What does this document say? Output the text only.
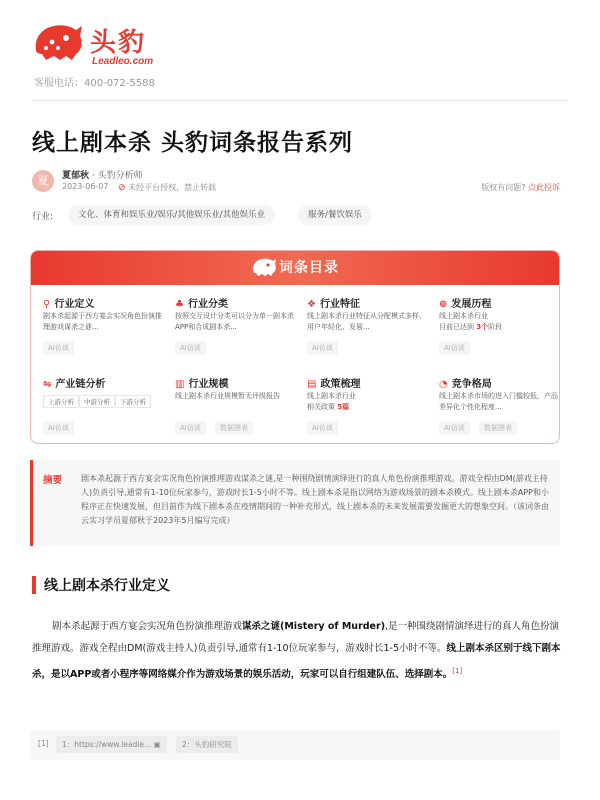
头豹
Leadleo.com
客服电话：400-072-5588
线上剧本杀 头豹词条报告系列
夏	夏郁秋 · 头豹分析师
2023-06-07 ⊘ 未经平台授权，禁止转载	版权有问题? 点此投诉
行业:	文化、体育和娱乐业/娱乐/其他娱乐业/其他娱乐业	服务/餐饮娱乐
词条目录
⚲ 行业定义
剧本杀起源于西方宴会实况角色扮演推理游戏谋杀之谜...
AI访谈
♣ 行业分类
按照交互设计分类可以分为单一剧本杀APP和合成剧本杀...
AI访谈
❖ 行业特征
线上剧本杀行业特征从分配模式多样、用户年轻化、发展...
AI访谈
⊕ 发展历程
线上剧本杀行业
目前已达到 3个阶段
AI访谈
⇋ 产业链分析
上游分析	中游分析	下游分析
AI访谈
▥ 行业规模
线上剧本杀行业规模暂无评级报告
AI访谈	数据图表
▤ 政策梳理
线上剧本杀行业
相关政策 5篇
AI访谈
◔ 竞争格局
线上剧本杀市场的进入门槛较低，产品差异化个性化程度...
AI访谈	数据图表
摘要 剧本杀起源于西方宴会实况角色扮演推理游戏谋杀之谜,是一种围绕剧情演绎进行的真人角色扮演推理游戏。游戏全程由DM(游戏主持人)负责引导,通常有1-10位玩家参与，游戏时长1-5小时不等。线上剧本杀是指以网络为游戏场景的剧本杀模式。线上剧本杀APP和小程序正在快速发展，但目前作为线下剧本杀在疫情期间的一种补充形式，线上剧本杀的未来发展需要发掘更大的想象空间。（该词条由云实习学员夏郁秋于2023年5月编写完成）
线上剧本杀行业定义

剧本杀起源于西方宴会实况角色扮演推理游戏谋杀之谜(Mistery of Murder),是一种围绕剧情演绎进行的真人角色扮演推理游戏。游戏全程由DM(游戏主持人)负责引导,通常有1-10位玩家参与，游戏时长1-5小时不等。线上剧本杀区别于线下剧本杀，是以APP或者小程序等网络媒介作为游戏场景的娱乐活动，玩家可以自行组建队伍、选择剧本。[1]

[1]	1：https://www.leadle... ▣	2：头豹研究院
